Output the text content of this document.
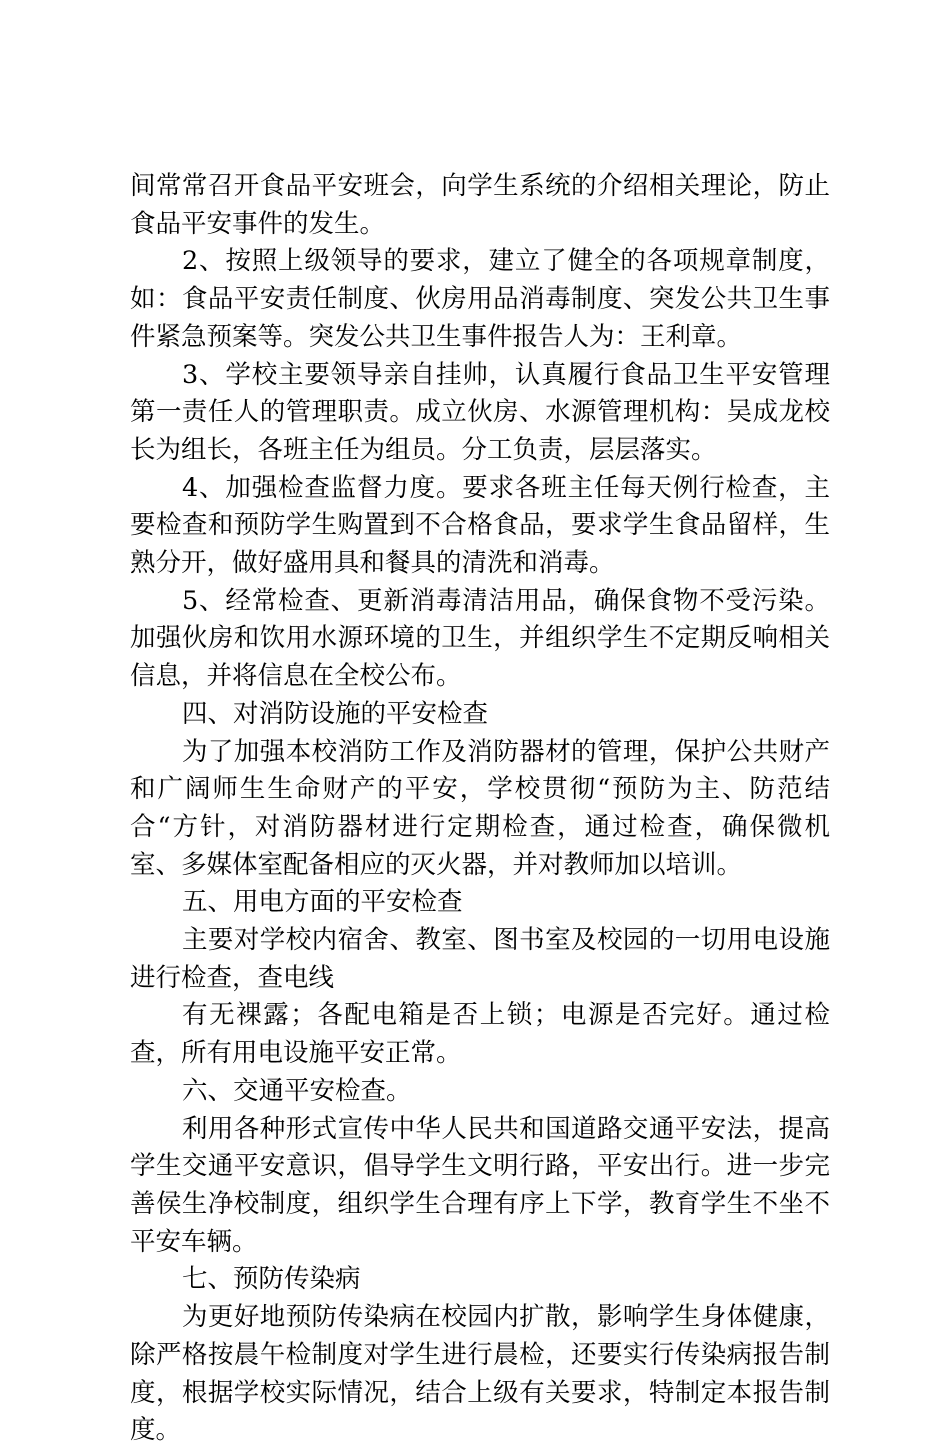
间常常召开食品平安班会，向学生系统的介绍相关理论，防止食品平安事件的发生。

2、按照上级领导的要求，建立了健全的各项规章制度，如：食品平安责任制度、伙房用品消毒制度、突发公共卫生事件紧急预案等。突发公共卫生事件报告人为：王利章。

3、学校主要领导亲自挂帅，认真履行食品卫生平安管理第一责任人的管理职责。成立伙房、水源管理机构：吴成龙校长为组长，各班主任为组员。分工负责，层层落实。

4、加强检查监督力度。要求各班主任每天例行检查，主要检查和预防学生购置到不合格食品，要求学生食品留样，生熟分开，做好盛用具和餐具的清洗和消毒。

5、经常检查、更新消毒清洁用品，确保食物不受污染。加强伙房和饮用水源环境的卫生，并组织学生不定期反响相关信息，并将信息在全校公布。

四、对消防设施的平安检查

为了加强本校消防工作及消防器材的管理，保护公共财产和广阔师生生命财产的平安，学校贯彻“预防为主、防范结合“方针，对消防器材进行定期检查，通过检查，确保微机室、多媒体室配备相应的灭火器，并对教师加以培训。

五、用电方面的平安检查

主要对学校内宿舍、教室、图书室及校园的一切用电设施进行检查，查电线

有无裸露；各配电箱是否上锁；电源是否完好。通过检查，所有用电设施平安正常。

六、交通平安检查。

利用各种形式宣传中华人民共和国道路交通平安法，提高学生交通平安意识，倡导学生文明行路，平安出行。进一步完善侯生净校制度，组织学生合理有序上下学，教育学生不坐不平安车辆。

七、预防传染病

为更好地预防传染病在校园内扩散，影响学生身体健康，除严格按晨午检制度对学生进行晨检，还要实行传染病报告制度，根据学校实际情况，结合上级有关要求，特制定本报告制度。
